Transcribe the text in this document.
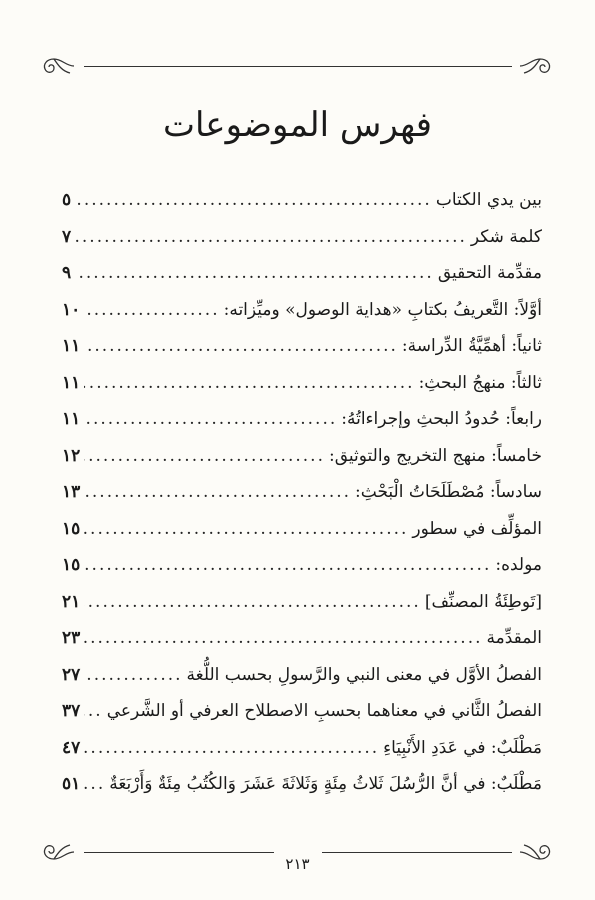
فهرس الموضوعات
بين يدي الكتاب
.....
٥
كلمة شكر
.....
٧
مقدِّمة التحقيق
.....
٩
أوَّلاً: التَّعريفُ بكتابِ «هداية الوصول» وميِّزاته:
.....
١٠
ثانياً: أهمِّيَّةُ الدِّراسة:
.....
١١
ثالثاً: منهجُ البحثِ:
.....
١١
رابعاً: حُدودُ البحثِ وإجراءاتُهُ:
.....
١١
خامساً: منهج التخريج والتوثيق:
.....
١٢
سادساً: مُصْطَلَحَاتُ الْبَحْثِ:
.....
١٣
المؤلِّف في سطور
.....
١٥
مولده:
.....
١٥
[تَوطِئَةُ المصنِّف]
.....
٢١
المقدِّمة
.....
٢٣
الفصلُ الأوَّل في معنى النبي والرَّسولِ بحسب اللُّغة
.....
٢٧
الفصلُ الثَّاني في معناهما بحسبِ الاصطلاح العرفي أو الشَّرعي
.....
٣٧
مَطْلَبٌ: في عَدَدِ الأَنْبِيَاءِ
.....
٤٧
مَطْلَبٌ: في أنَّ الرُّسُلَ ثَلاثُ مِئَةٍ وَثَلاثَةَ عَشَرَ وَالكُتُبُ مِئَةٌ وَأَرْبَعَةٌ
.....
٥١
٢١٣
